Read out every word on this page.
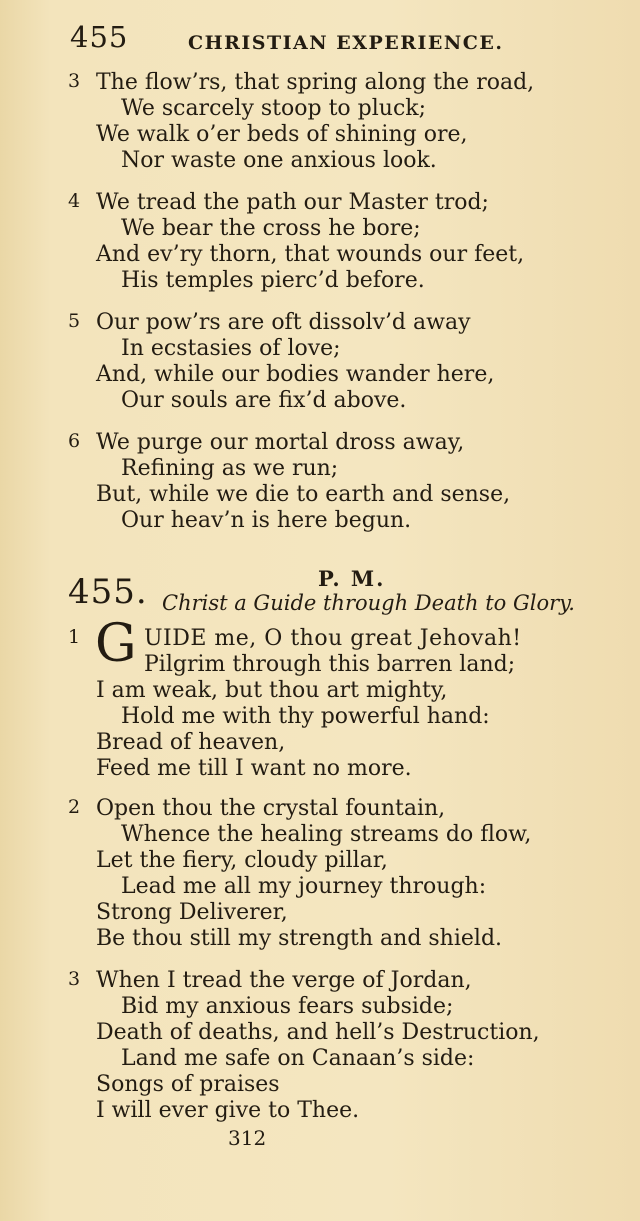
455	CHRISTIAN EXPERIENCE.
3 The flow’rs, that spring along the road,
We scarcely stoop to pluck;
We walk o’er beds of shining ore,
Nor waste one anxious look.
4 We tread the path our Master trod;
We bear the cross he bore;
And ev’ry thorn, that wounds our feet,
His temples pierc’d before.
5 Our pow’rs are oft dissolv’d away
In ecstasies of love;
And, while our bodies wander here,
Our souls are fix’d above.
6 We purge our mortal dross away,
Refining as we run;
But, while we die to earth and sense,
Our heav’n is here begun.
455.	P. M.
Christ a Guide through Death to Glory.
1	UIDE me, O thou great Jehovah!
Pilgrim through this barren land;
I am weak, but thou art mighty,
Hold me with thy powerful hand:
Bread of heaven,
Feed me till I want no more.
G
2 Open thou the crystal fountain,
Whence the healing streams do flow,
Let the fiery, cloudy pillar,
Lead me all my journey through:
Strong Deliverer,
Be thou still my strength and shield.
3 When I tread the verge of Jordan,
Bid my anxious fears subside;
Death of deaths, and hell’s Destruction,
Land me safe on Canaan’s side:
Songs of praises
I will ever give to Thee.
312
